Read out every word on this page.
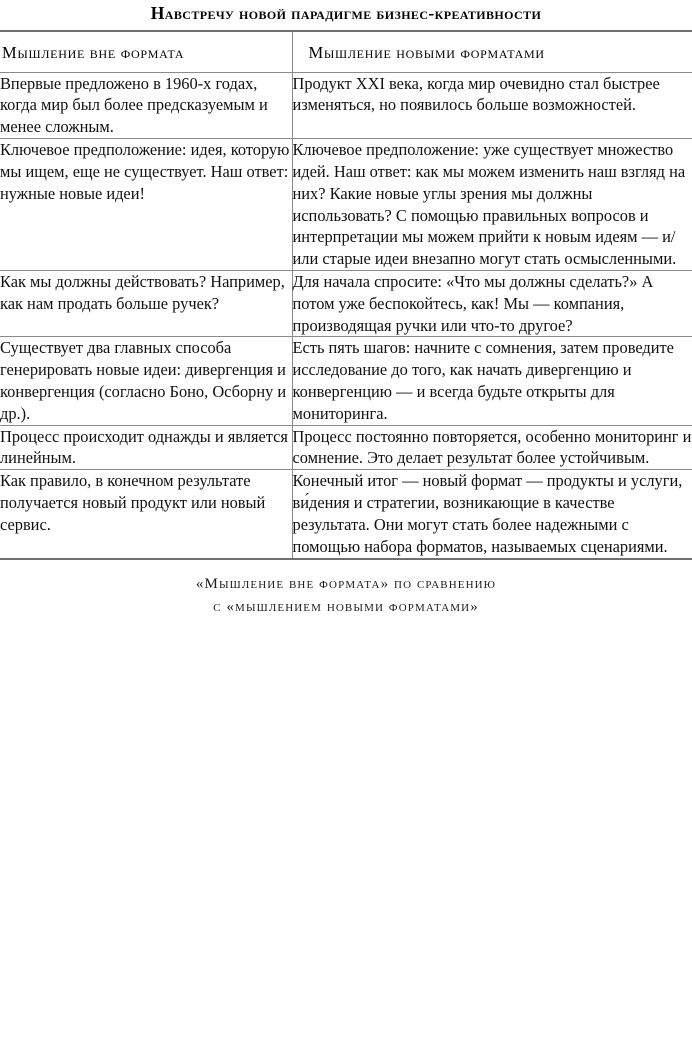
Навстречу новой парадигме бизнес-креативности
Мышление вне формата	Мышление новыми форматами

Впервые предложено в 1960-х годах, когда мир был более предсказуемым и менее сложным.	Продукт XXI века, когда мир очевидно стал быстрее изменяться, но появилось больше возможностей.
Ключевое предположение: идея, которую мы ищем, еще не существует. Наш ответ: нужные новые идеи!	Ключевое предположение: уже существует множество идей. Наш ответ: как мы можем изменить наш взгляд на них? Какие новые углы зрения мы должны использовать? С помощью правильных вопросов и интерпретации мы можем прийти к новым идеям — и/или старые идеи внезапно могут стать осмысленными.
Как мы должны действовать? Например, как нам продать больше ручек?	Для начала спросите: «Что мы должны сделать?» А потом уже беспокойтесь, как! Мы — компания, производящая ручки или что-то другое?
Существует два главных способа генерировать новые идеи: дивергенция и конвергенция (согласно Боно, Осборну и др.).	Есть пять шагов: начните с сомнения, затем проведите исследование до того, как начать дивергенцию и конвергенцию — и всегда будьте открыты для мониторинга.
Процесс происходит однажды и является линейным.	Процесс постоянно повторяется, особенно мониторинг и сомнение. Это делает результат более устойчивым.
Как правило, в конечном результате получается новый продукт или новый сервис.	Конечный итог — новый формат — продукты и услуги, ви́дения и стратегии, возникающие в качестве результата. Они могут стать более надежными с помощью набора форматов, называемых сценариями.
«Мышление вне формата» по сравнению
с «мышлением новыми форматами»
